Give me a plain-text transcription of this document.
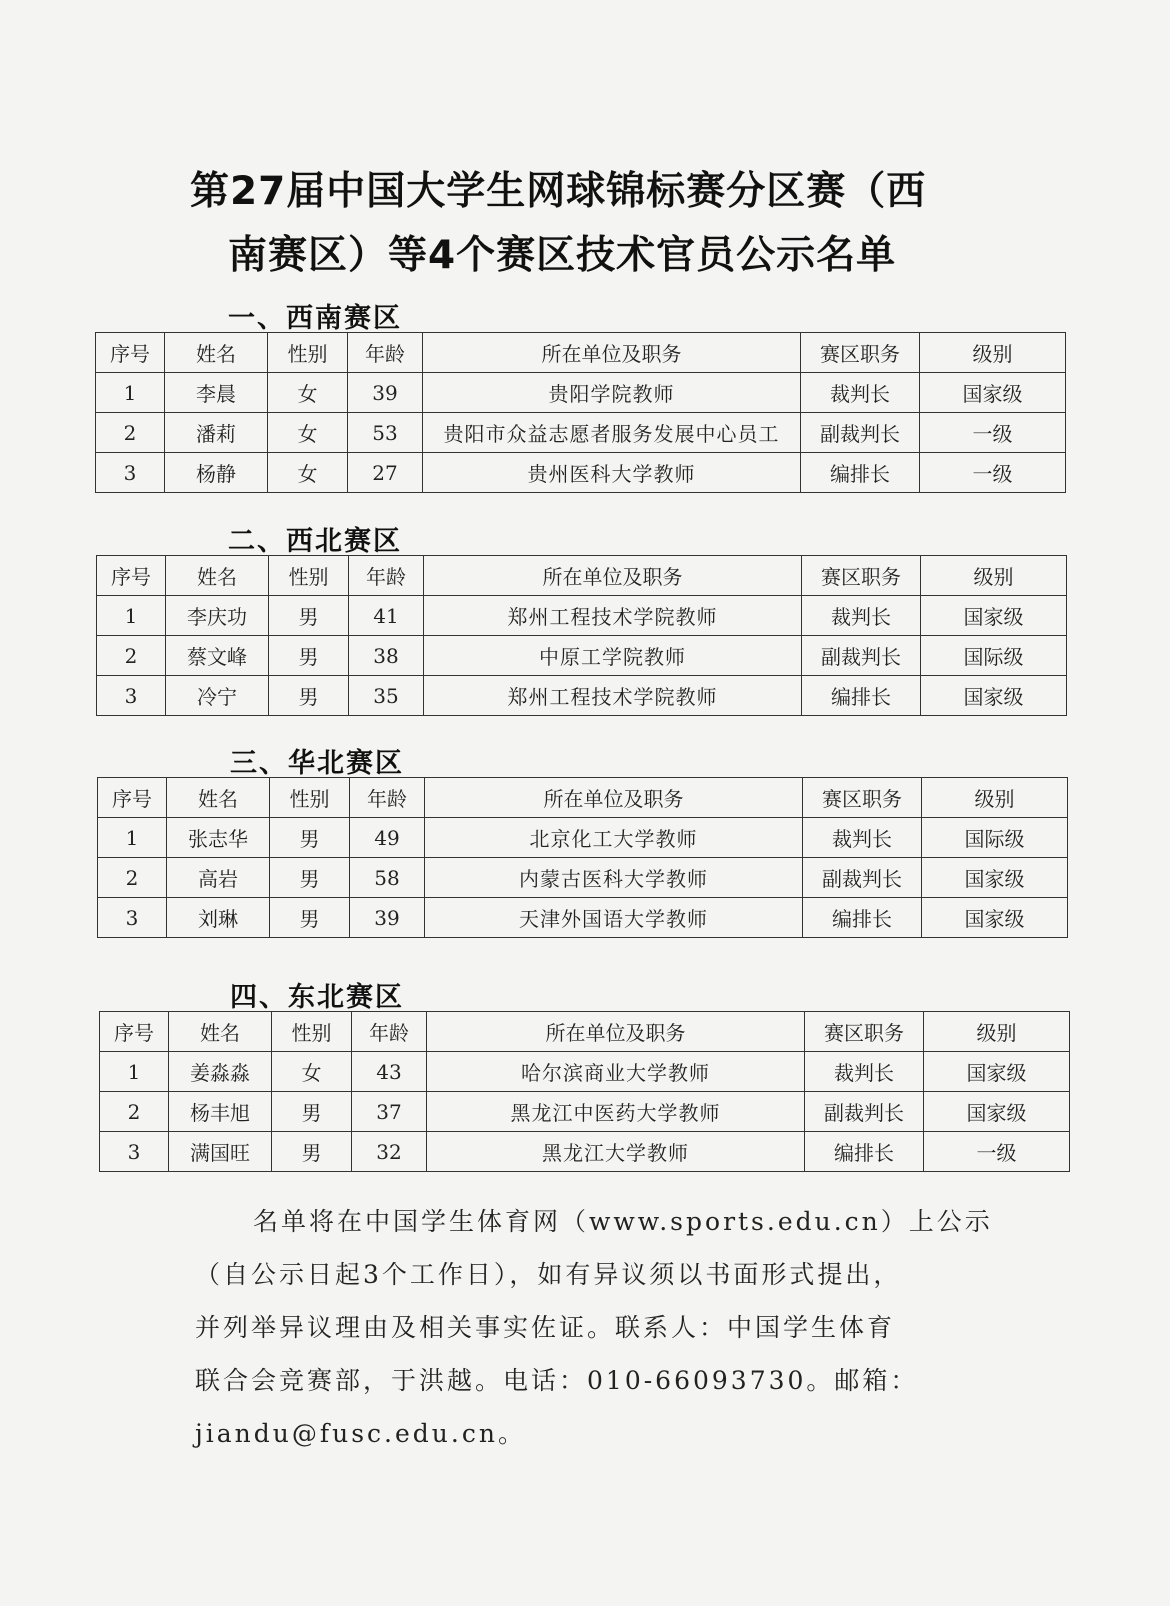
第27届中国大学生网球锦标赛分区赛（西
南赛区）等4个赛区技术官员公示名单
一、西南赛区
序号	姓名	性别	年龄	所在单位及职务	赛区职务	级别
1	李晨	女	39	贵阳学院教师	裁判长	国家级
2	潘莉	女	53	贵阳市众益志愿者服务发展中心员工	副裁判长	一级
3	杨静	女	27	贵州医科大学教师	编排长	一级
二、西北赛区
序号	姓名	性别	年龄	所在单位及职务	赛区职务	级别
1	李庆功	男	41	郑州工程技术学院教师	裁判长	国家级
2	蔡文峰	男	38	中原工学院教师	副裁判长	国际级
3	冷宁	男	35	郑州工程技术学院教师	编排长	国家级
三、华北赛区
序号	姓名	性别	年龄	所在单位及职务	赛区职务	级别
1	张志华	男	49	北京化工大学教师	裁判长	国际级
2	高岩	男	58	内蒙古医科大学教师	副裁判长	国家级
3	刘琳	男	39	天津外国语大学教师	编排长	国家级
四、东北赛区
序号	姓名	性别	年龄	所在单位及职务	赛区职务	级别
1	姜淼淼	女	43	哈尔滨商业大学教师	裁判长	国家级
2	杨丰旭	男	37	黑龙江中医药大学教师	副裁判长	国家级
3	满国旺	男	32	黑龙江大学教师	编排长	一级
名单将在中国学生体育网（www.sports.edu.cn）上公示
（自公示日起3个工作日），如有异议须以书面形式提出，
并列举异议理由及相关事实佐证。联系人：中国学生体育
联合会竞赛部，于洪越。电话：010-66093730。邮箱：
jiandu@fusc.edu.cn。
